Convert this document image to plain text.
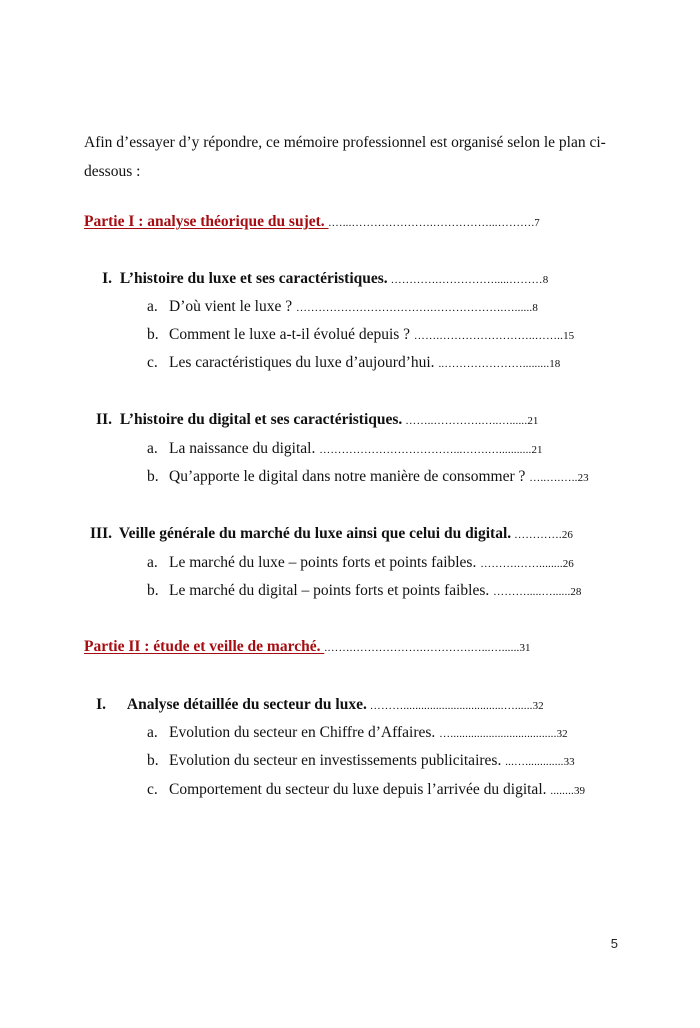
Afin d’essayer d’y répondre, ce mémoire professionnel est organisé selon le plan ci-dessous :
Partie I : analyse théorique du sujet. .…...………………….……………...……….7
I. L’histoire du luxe et ses caractéristiques. ………….…………….....………8
a. D’où vient le luxe ? ……………………………….……………….…......8
b. Comment le luxe a-t-il évolué depuis ? …….……………………..……..15
c. Les caractéristiques du luxe d’aujourd’hui. ..………………….........18
II. L’histoire du digital et ses caractéristiques. ……..………….…..…......21
a. La naissance du digital. ………………………………...…….…...........21
b. Qu’apporte le digital dans notre manière de consommer ? …..….…..23
III. Veille générale du marché du luxe ainsi que celui du digital. ………….26
a. Le marché du luxe – points forts et points faibles. ……….……........26
b. Le marché du digital – points forts et points faibles. ……….....…......28
Partie II : étude et veille de marché. .…….……………….………….…...…......31
I. Analyse détaillée du secteur du luxe. ………..................................…......32
a. Evolution du secteur en Chiffre d’Affaires. …....................................32
b. Evolution du secteur en investissements publicitaires. ...….............33
c. Comportement du secteur du luxe depuis l’arrivée du digital. ........39
5
